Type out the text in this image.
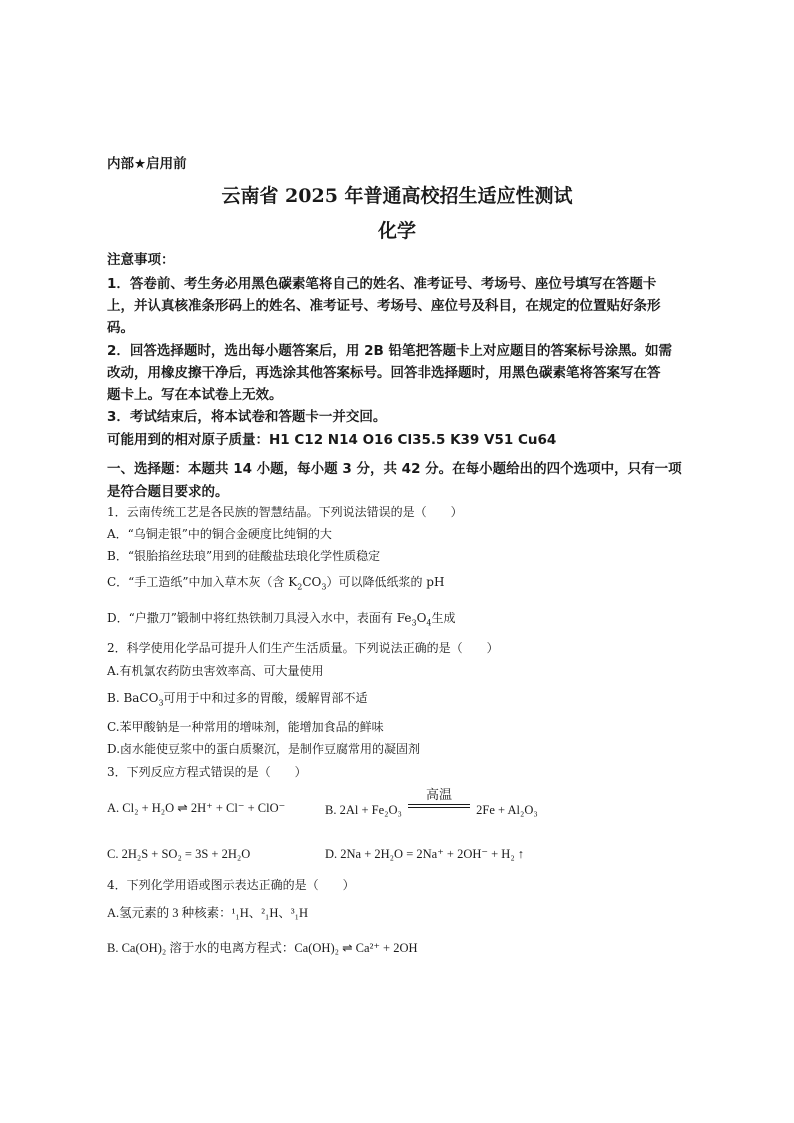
内部★启用前
云南省 2025 年普通高校招生适应性测试
化学
注意事项：
1．答卷前、考生务必用黑色碳素笔将自己的姓名、准考证号、考场号、座位号填写在答题卡
上，并认真核准条形码上的姓名、准考证号、考场号、座位号及科目，在规定的位置贴好条形
码。
2．回答选择题时，选出每小题答案后，用 2B 铅笔把答题卡上对应题目的答案标号涂黑。如需
改动，用橡皮擦干净后，再选涂其他答案标号。回答非选择题时，用黑色碳素笔将答案写在答
题卡上。写在本试卷上无效。
3．考试结束后，将本试卷和答题卡一并交回。
可能用到的相对原子质量：H1 C12 N14 O16 Cl35.5 K39 V51 Cu64
一、选择题：本题共 14 小题，每小题 3 分，共 42 分。在每小题给出的四个选项中，只有一项
是符合题目要求的。
1．云南传统工艺是各民族的智慧结晶。下列说法错误的是（　　）
A．“乌铜走银”中的铜合金硬度比纯铜的大
B．“银胎掐丝珐琅”用到的硅酸盐珐琅化学性质稳定
C．“手工造纸”中加入草木灰（含 $K_2CO_3$）可以降低纸浆的 pH
D．“户撒刀”锻制中将红热铁制刀具浸入水中，表面有 $Fe_3O_4$生成
2．科学使用化学品可提升人们生产生活质量。下列说法正确的是（　　）
A.有机氯农药防虫害效率高、可大量使用
B. BaCO$_3$可用于中和过多的胃酸，缓解胃部不适
C.苯甲酸钠是一种常用的增味剂，能增加食品的鲜味
D.卤水能使豆浆中的蛋白质聚沉，是制作豆腐常用的凝固剂
3．下列反应方程式错误的是（　　）
A. Cl₂ + H₂O ⇌ 2H⁺ + Cl⁻ + ClO⁻	B. 2Al + Fe₂O₃
高温
2Fe + Al₂O₃
C. 2H₂S + SO₂ = 3S + 2H₂O	D. 2Na + 2H₂O = 2Na⁺ + 2OH⁻ + H₂ ↑
4．下列化学用语或图示表达正确的是（　　）
A.氢元素的 3 种核素：¹₁H、²₁H、³₁H
B. Ca(OH)₂ 溶于水的电离方程式：Ca(OH)₂ ⇌ Ca²⁺ + 2OH
